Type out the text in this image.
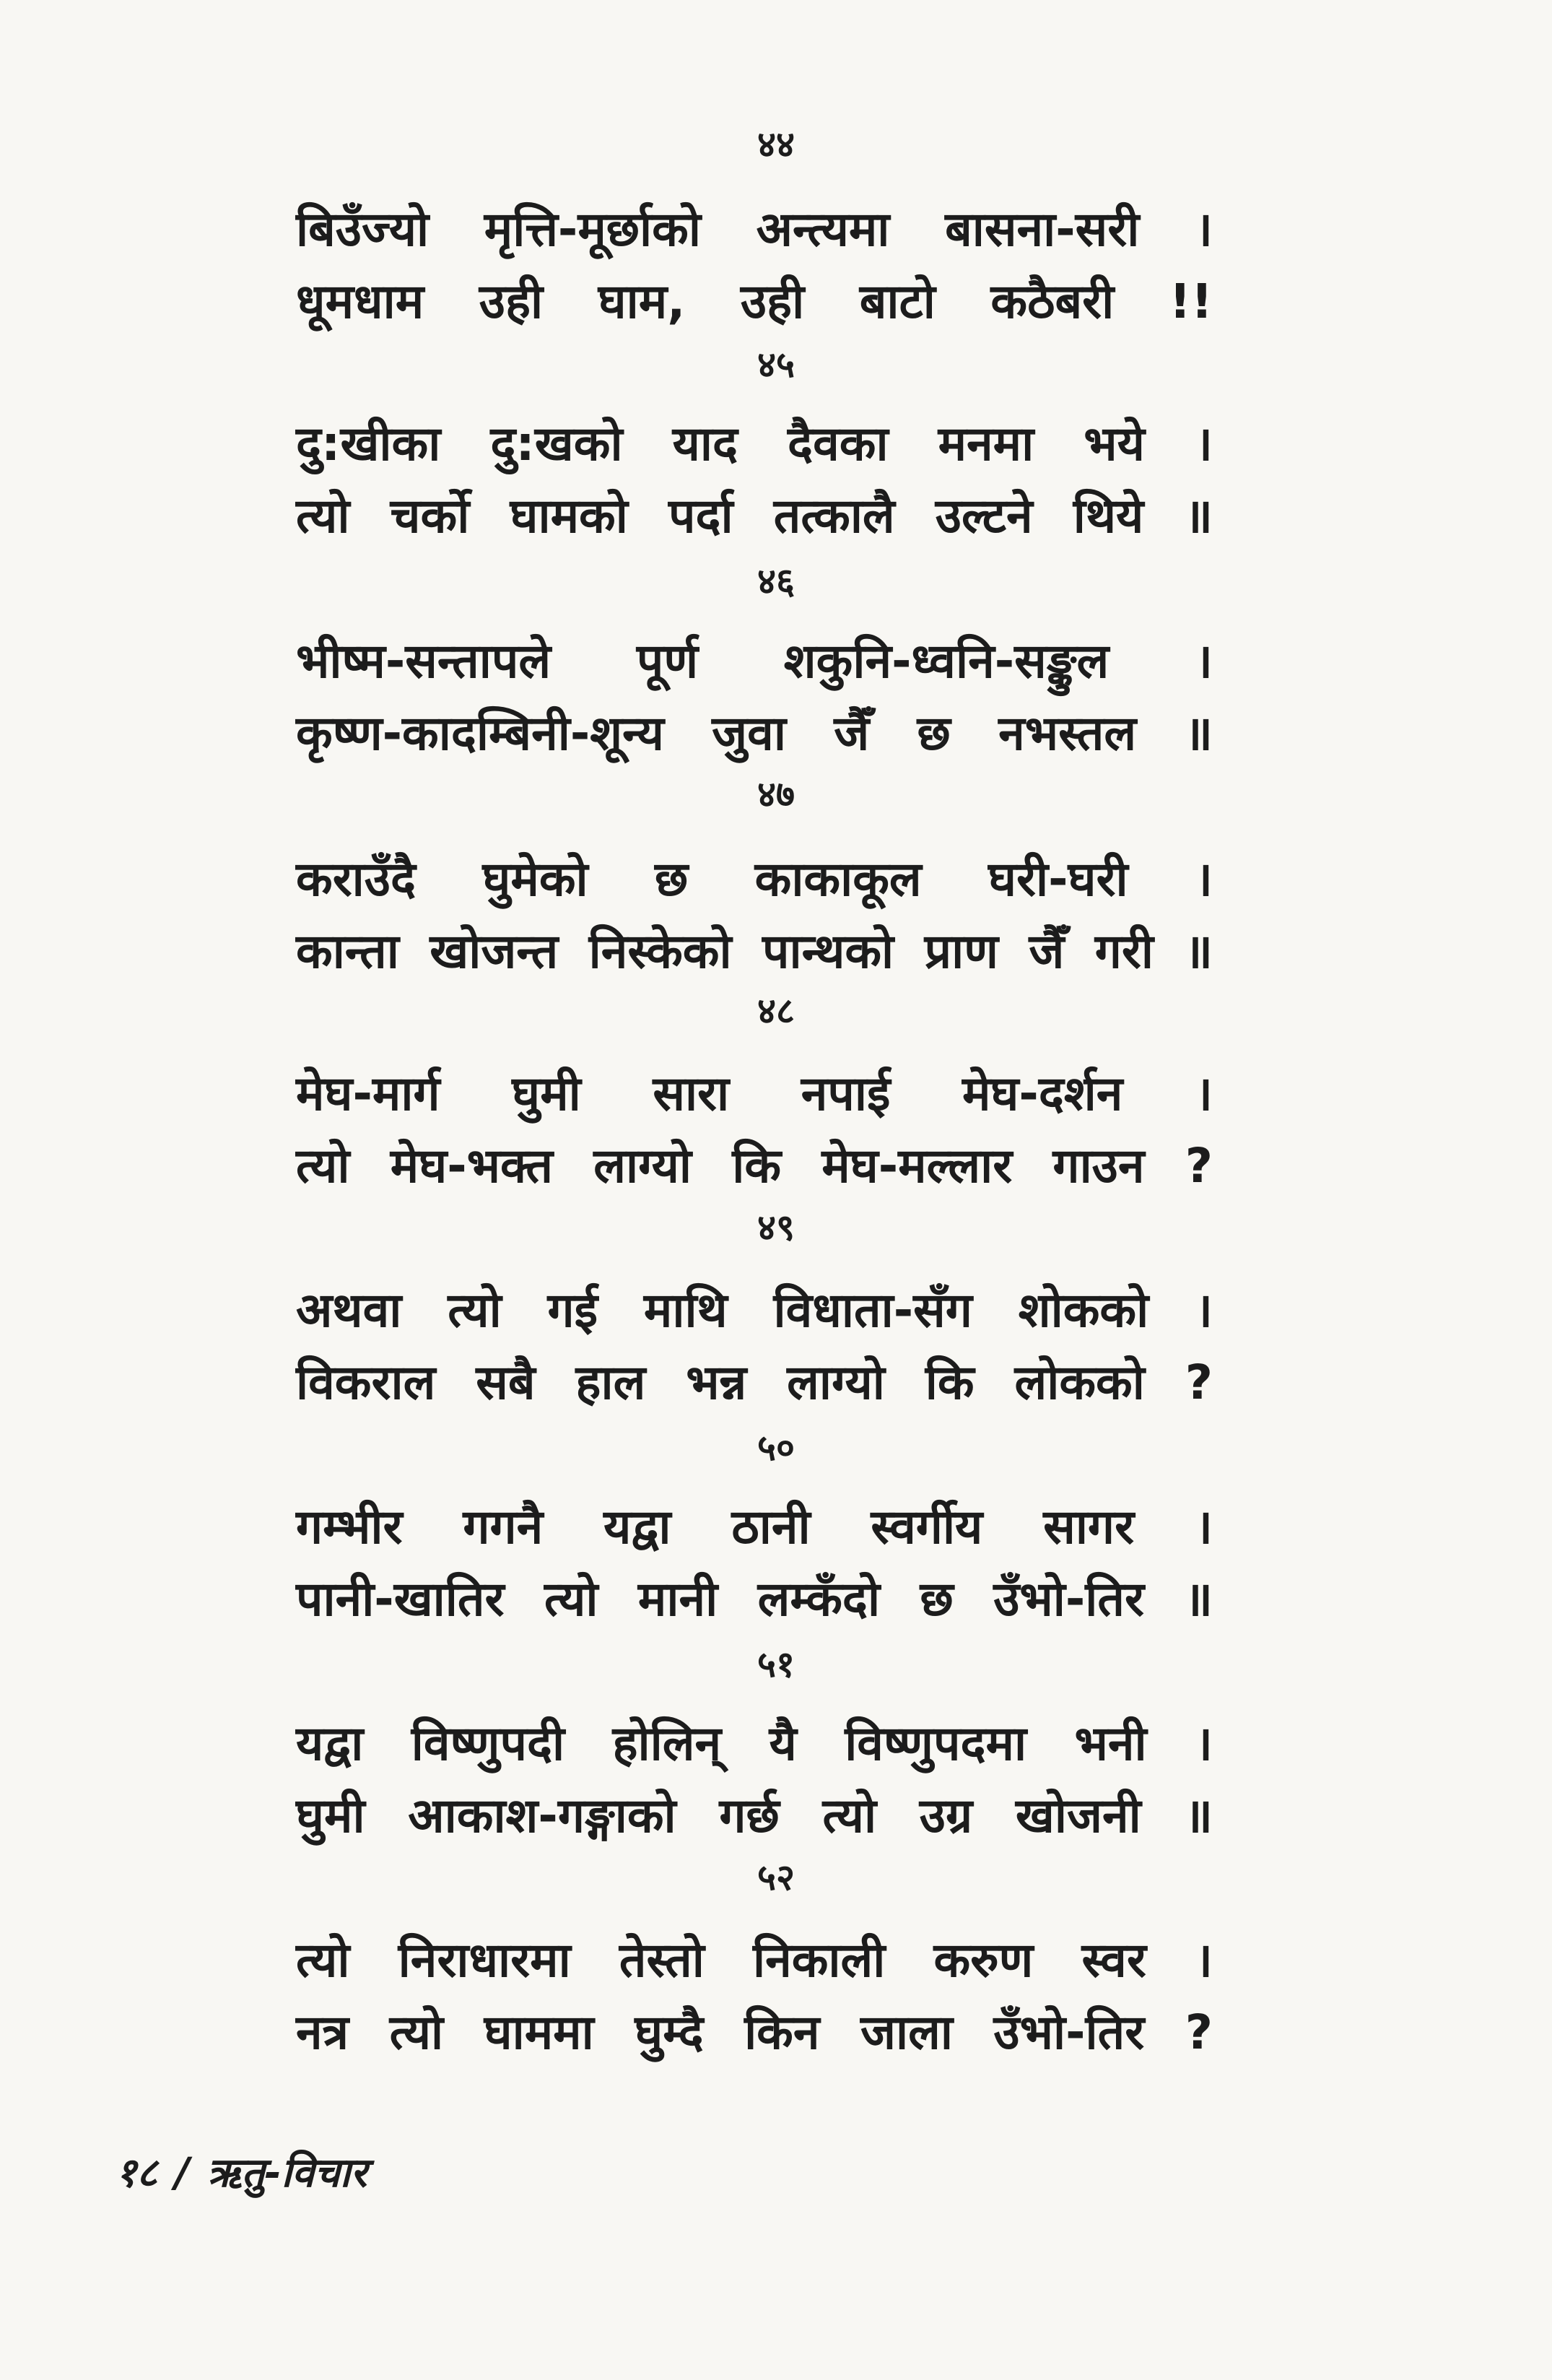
४४
बिउँज्यो मृत्ति-मूर्छाको अन्त्यमा बासना-सरी ।
धूमधाम उही घाम, उही बाटो कठैबरी !!
४५
दु:खीका दु:खको याद दैवका मनमा भये ।
त्यो चर्को घामको पर्दा तत्कालै उल्टने थिये ॥
४६
भीष्म-सन्तापले पूर्ण शकुनि-ध्वनि-सङ्कुल ।
कृष्ण-कादम्बिनी-शून्य जुवा जैँ छ नभस्तल ॥
४७
कराउँदै घुमेको छ काकाकूल घरी-घरी ।
कान्ता खोजन्त निस्केको पान्थको प्राण जैँ गरी ॥
४८
मेघ-मार्ग घुमी सारा नपाई मेघ-दर्शन ।
त्यो मेघ-भक्त लाग्यो कि मेघ-मल्लार गाउन ?
४९
अथवा त्यो गई माथि विधाता-सँग शोकको ।
विकराल सबै हाल भन्न लाग्यो कि लोकको ?
५०
गम्भीर गगनै यद्वा ठानी स्वर्गीय सागर ।
पानी-खातिर त्यो मानी लम्कँदो छ उँभो-तिर ॥
५१
यद्वा विष्णुपदी होलिन् यै विष्णुपदमा भनी ।
घुमी आकाश-गङ्गाको गर्छ त्यो उग्र खोजनी ॥
५२
त्यो निराधारमा तेस्तो निकाली करुण स्वर ।
नत्र त्यो घाममा घुम्दै किन जाला उँभो-तिर ?
१८ / ऋतु-विचार
